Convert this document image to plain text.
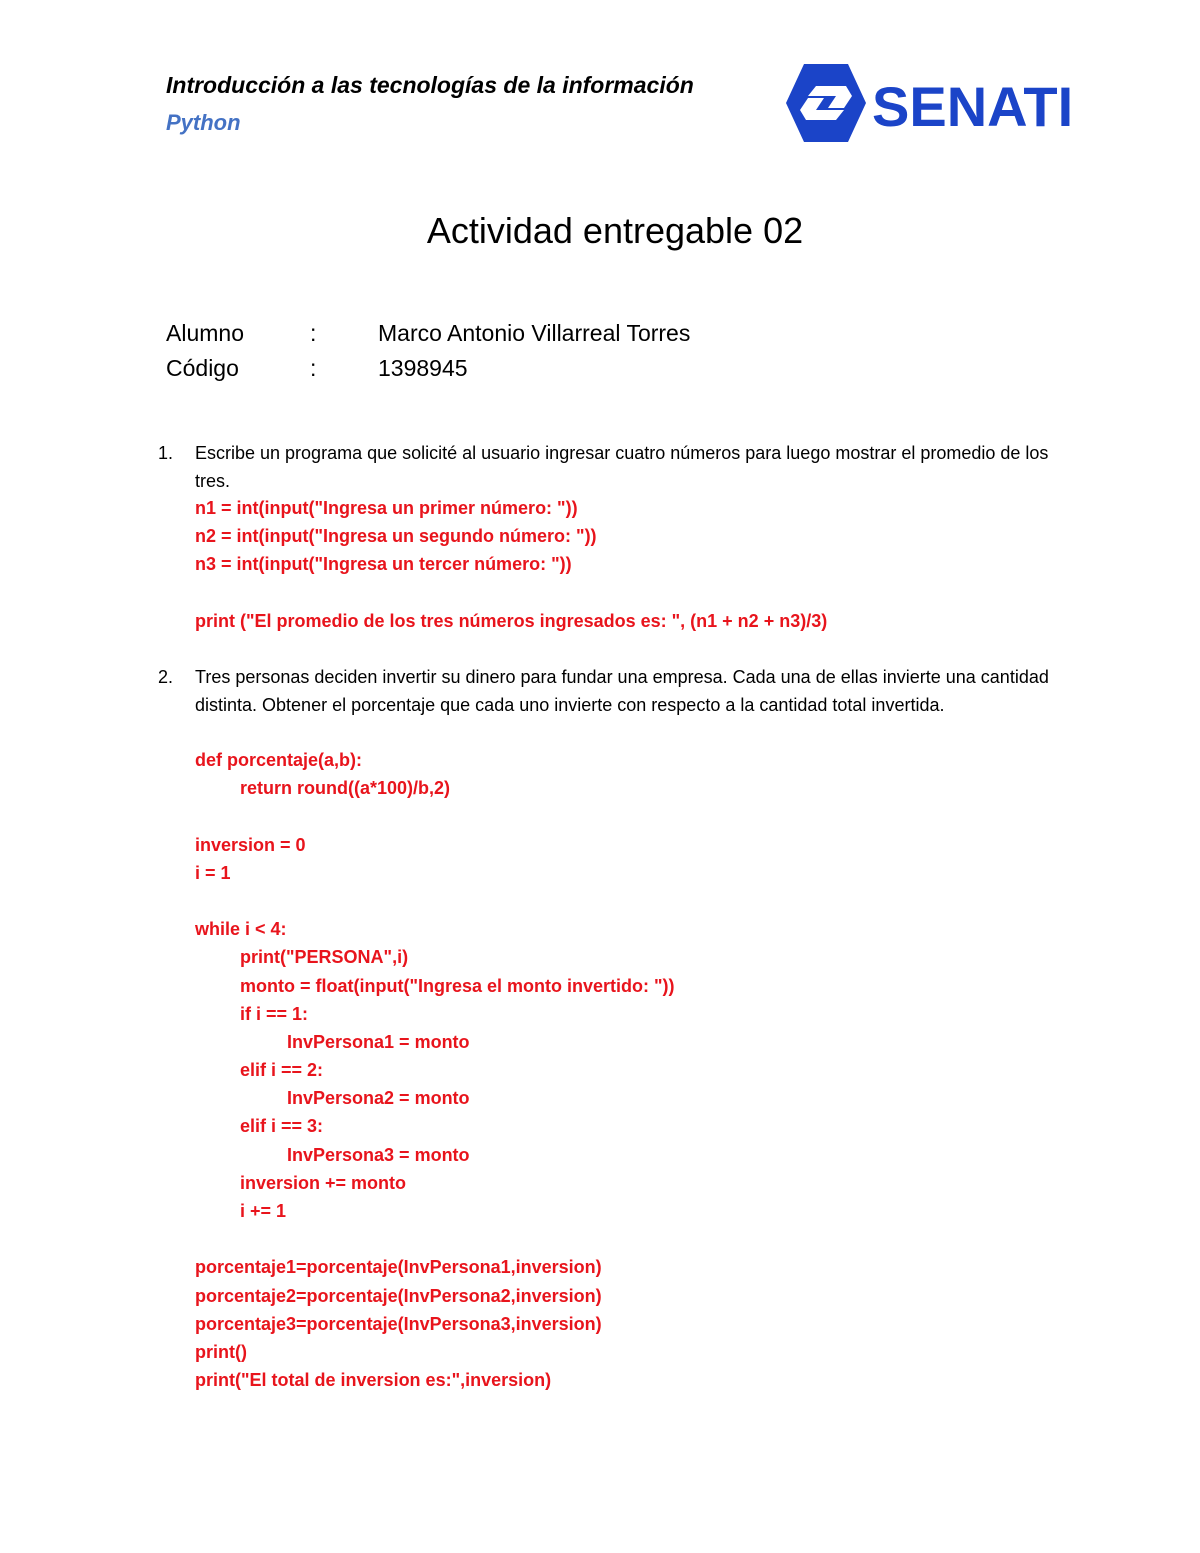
Introducción a las tecnologías de la información
Python	SENATI
Actividad entregable 02
Alumno	:	Marco Antonio Villarreal Torres
Código	:	1398945
1. Escribe un programa que solicité al usuario ingresar cuatro números para luego mostrar el promedio de los tres.
n1 = int(input("Ingresa un primer número: "))
n2 = int(input("Ingresa un segundo número: "))
n3 = int(input("Ingresa un tercer número: "))
print ("El promedio de los tres números ingresados es: ", (n1 + n2 + n3)/3)
2. Tres personas deciden invertir su dinero para fundar una empresa. Cada una de ellas invierte una cantidad distinta. Obtener el porcentaje que cada uno invierte con respecto a la cantidad total invertida.
def porcentaje(a,b):
return round((a*100)/b,2)
inversion = 0
i = 1
while i < 4:
print("PERSONA",i)
monto = float(input("Ingresa el monto invertido: "))
if i == 1:
InvPersona1 = monto
elif i == 2:
InvPersona2 = monto
elif i == 3:
InvPersona3 = monto
inversion += monto
i += 1
porcentaje1=porcentaje(InvPersona1,inversion)
porcentaje2=porcentaje(InvPersona2,inversion)
porcentaje3=porcentaje(InvPersona3,inversion)
print()
print("El total de inversion es:",inversion)
